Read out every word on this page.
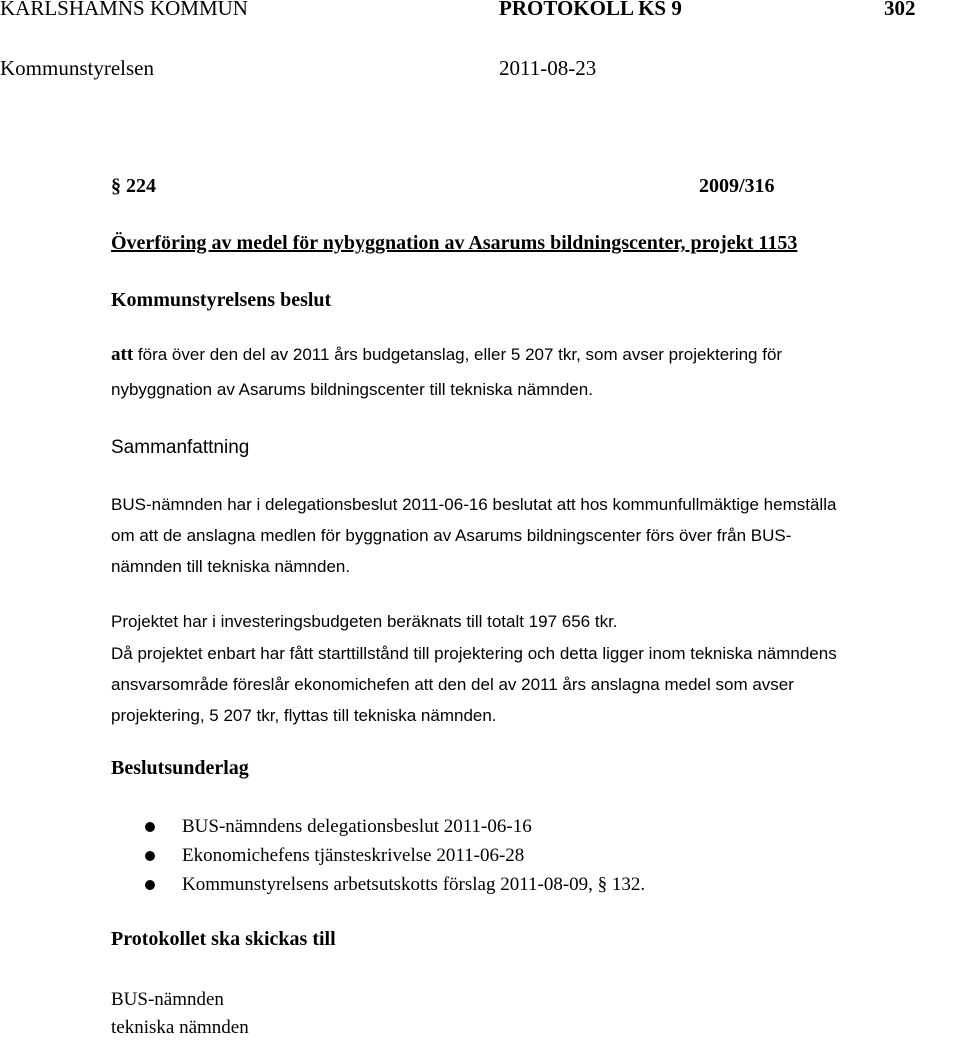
KARLSHAMNS KOMMUN	PROTOKOLL KS 9	302
Kommunstyrelsen	2011-08-23
§ 224	2009/316
Överföring av medel för nybyggnation av Asarums bildningscenter, projekt 1153
Kommunstyrelsens beslut
att föra över den del av 2011 års budgetanslag, eller 5 207 tkr, som avser projektering för
nybyggnation av Asarums bildningscenter till tekniska nämnden.
Sammanfattning
BUS-nämnden har i delegationsbeslut 2011-06-16 beslutat att hos kommunfullmäktige hemställa
om att de anslagna medlen för byggnation av Asarums bildningscenter förs över från BUS-
nämnden till tekniska nämnden.
Projektet har i investeringsbudgeten beräknats till totalt 197 656 tkr.
Då projektet enbart har fått starttillstånd till projektering och detta ligger inom tekniska nämndens
ansvarsområde föreslår ekonomichefen att den del av 2011 års anslagna medel som avser
projektering, 5 207 tkr, flyttas till tekniska nämnden.
Beslutsunderlag
BUS-nämndens delegationsbeslut 2011-06-16
Ekonomichefens tjänsteskrivelse 2011-06-28
Kommunstyrelsens arbetsutskotts förslag 2011-08-09, § 132.
Protokollet ska skickas till
BUS-nämnden
tekniska nämnden
